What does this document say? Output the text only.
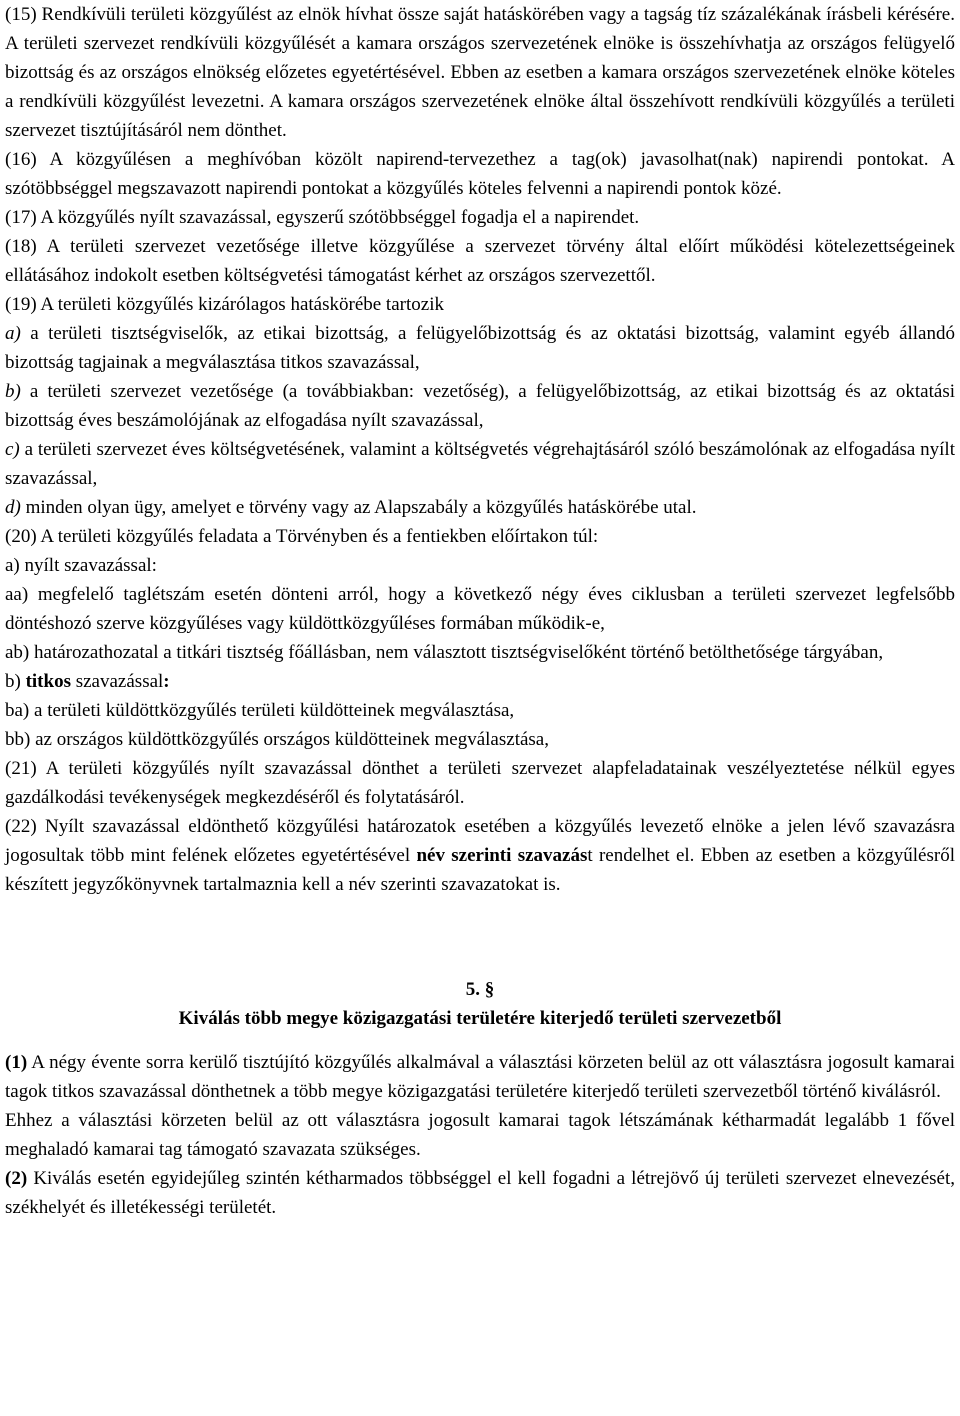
(15) Rendkívüli területi közgyűlést az elnök hívhat össze saját hatáskörében vagy a tagság tíz százalékának írásbeli kérésére. A területi szervezet rendkívüli közgyűlését a kamara országos szervezetének elnöke is összehívhatja az országos felügyelő bizottság és az országos elnökség előzetes egyetértésével. Ebben az esetben a kamara országos szervezetének elnöke köteles a rendkívüli közgyűlést levezetni. A kamara országos szervezetének elnöke által összehívott rendkívüli közgyűlés a területi szervezet tisztújításáról nem dönthet.

(16) A közgyűlésen a meghívóban közölt napirend-tervezethez a tag(ok) javasolhat(nak) napirendi pontokat. A szótöbbséggel megszavazott napirendi pontokat a közgyűlés köteles felvenni a napirendi pontok közé.

(17) A közgyűlés nyílt szavazással, egyszerű szótöbbséggel fogadja el a napirendet.

(18) A területi szervezet vezetősége illetve közgyűlése a szervezet törvény által előírt működési kötelezettségeinek ellátásához indokolt esetben költségvetési támogatást kérhet az országos szervezettől.

(19) A területi közgyűlés kizárólagos hatáskörébe tartozik

a) a területi tisztségviselők, az etikai bizottság, a felügyelőbizottság és az oktatási bizottság, valamint egyéb állandó bizottság tagjainak a megválasztása titkos szavazással,

b) a területi szervezet vezetősége (a továbbiakban: vezetőség), a felügyelőbizottság, az etikai bizottság és az oktatási bizottság éves beszámolójának az elfogadása nyílt szavazással,

c) a területi szervezet éves költségvetésének, valamint a költségvetés végrehajtásáról szóló beszámolónak az elfogadása nyílt szavazással,

d) minden olyan ügy, amelyet e törvény vagy az Alapszabály a közgyűlés hatáskörébe utal.

(20) A területi közgyűlés feladata a Törvényben és a fentiekben előírtakon túl:

a) nyílt szavazással:

aa) megfelelő taglétszám esetén dönteni arról, hogy a következő négy éves ciklusban a területi szervezet legfelsőbb döntéshozó szerve közgyűléses vagy küldöttközgyűléses formában működik-e,

ab) határozathozatal a titkári tisztség főállásban, nem választott tisztségviselőként történő betölthetősége tárgyában,

b) titkos szavazással:

ba) a területi küldöttközgyűlés területi küldötteinek megválasztása,

bb) az országos küldöttközgyűlés országos küldötteinek megválasztása,

(21) A területi közgyűlés nyílt szavazással dönthet a területi szervezet alapfeladatainak veszélyeztetése nélkül egyes gazdálkodási tevékenységek megkezdéséről és folytatásáról.

(22) Nyílt szavazással eldönthető közgyűlési határozatok esetében a közgyűlés levezető elnöke a jelen lévő szavazásra jogosultak több mint felének előzetes egyetértésével név szerinti szavazást rendelhet el. Ebben az esetben a közgyűlésről készített jegyzőkönyvnek tartalmaznia kell a név szerinti szavazatokat is.

5. §

Kiválás több megye közigazgatási területére kiterjedő területi szervezetből

(1) A négy éventе sorra kerülő tisztújító közgyűlés alkalmával a választási körzeten belül az ott választásra jogosult kamarai tagok titkos szavazással dönthetnek a több megye közigazgatási területére kiterjedő területi szervezetből történő kiválásról.

Ehhez a választási körzeten belül az ott választásra jogosult kamarai tagok létszámának kétharmadát legalább 1 fővel meghaladó kamarai tag támogató szavazata szükséges.

(2) Kiválás esetén egyidejűleg szintén kétharmados többséggel el kell fogadni a létrejövő új területi szervezet elnevezését, székhelyét és illetékességi területét.
